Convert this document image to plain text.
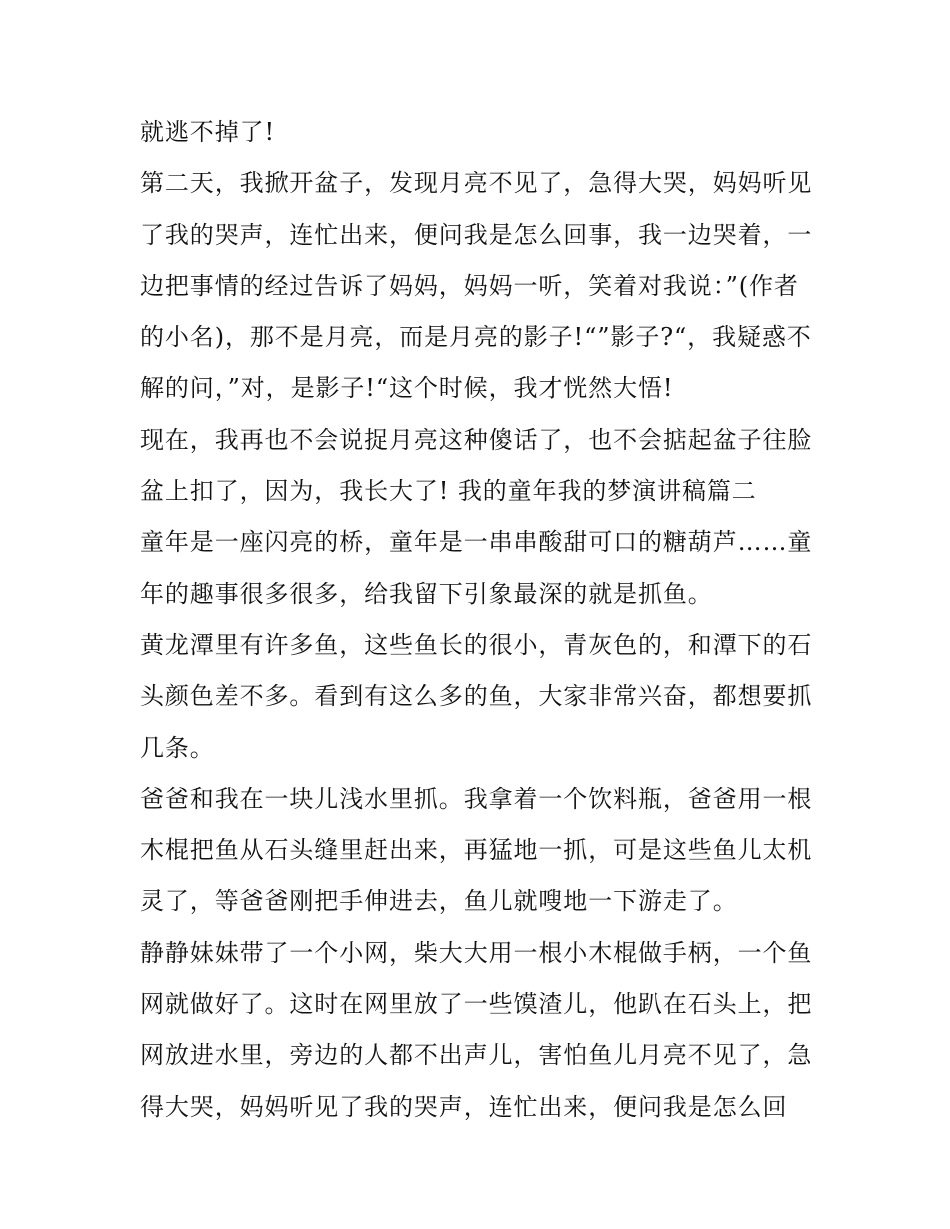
就逃不掉了!
第二天，我掀开盆子，发现月亮不见了，急得大哭，妈妈听见
了我的哭声，连忙出来，便问我是怎么回事，我一边哭着，一
边把事情的经过告诉了妈妈，妈妈一听，笑着对我说：”(作者
的小名)，那不是月亮，而是月亮的影子!“”影子?“，我疑惑不
解的问，”对，是影子!“这个时候，我才恍然大悟!
现在，我再也不会说捉月亮这种傻话了，也不会掂起盆子往脸
盆上扣了，因为，我长大了! 我的童年我的梦演讲稿篇二
童年是一座闪亮的桥，童年是一串串酸甜可口的糖葫芦……童
年的趣事很多很多，给我留下引象最深的就是抓鱼。
黄龙潭里有许多鱼，这些鱼长的很小，青灰色的，和潭下的石
头颜色差不多。看到有这么多的鱼，大家非常兴奋，都想要抓
几条。
爸爸和我在一块儿浅水里抓。我拿着一个饮料瓶，爸爸用一根
木棍把鱼从石头缝里赶出来，再猛地一抓，可是这些鱼儿太机
灵了，等爸爸刚把手伸进去，鱼儿就嗖地一下游走了。
静静妹妹带了一个小网，柴大大用一根小木棍做手柄，一个鱼
网就做好了。这时在网里放了一些馍渣儿，他趴在石头上，把
网放进水里，旁边的人都不出声儿，害怕鱼儿月亮不见了，急
得大哭，妈妈听见了我的哭声，连忙出来，便问我是怎么回
